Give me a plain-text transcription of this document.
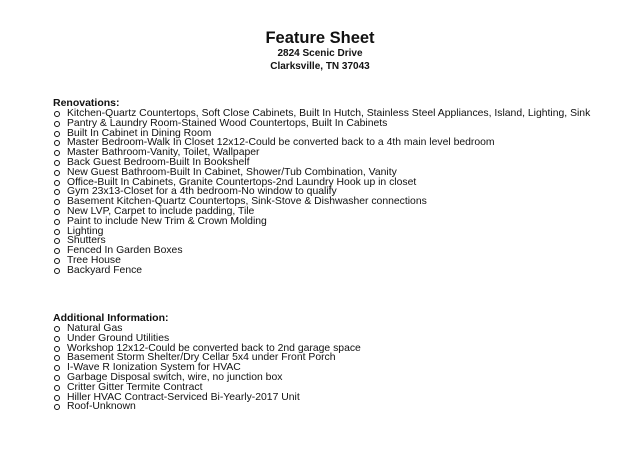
Feature Sheet

2824 Scenic Drive

Clarksville, TN 37043

Renovations:

Kitchen-Quartz Countertops, Soft Close Cabinets, Built In Hutch, Stainless Steel Appliances, Island, Lighting, Sink
Pantry & Laundry Room-Stained Wood Countertops, Built In Cabinets
Built In Cabinet in Dining Room
Master Bedroom-Walk In Closet 12x12-Could be converted back to a 4th main level bedroom
Master Bathroom-Vanity, Toilet, Wallpaper
Back Guest Bedroom-Built In Bookshelf
New Guest Bathroom-Built In Cabinet, Shower/Tub Combination, Vanity
Office-Built In Cabinets, Granite Countertops-2nd Laundry Hook up in closet
Gym 23x13-Closet for a 4th bedroom-No window to qualify
Basement Kitchen-Quartz Countertops, Sink-Stove & Dishwasher connections
New LVP, Carpet to include padding, Tile
Paint to include New Trim & Crown Molding
Lighting
Shutters
Fenced In Garden Boxes
Tree House
Backyard Fence

Additional Information:

Natural Gas
Under Ground Utilities
Workshop 12x12-Could be converted back to 2nd garage space
Basement Storm Shelter/Dry Cellar 5x4 under Front Porch
I-Wave R Ionization System for HVAC
Garbage Disposal switch, wire, no junction box
Critter Gitter Termite Contract
Hiller HVAC Contract-Serviced Bi-Yearly-2017 Unit
Roof-Unknown
